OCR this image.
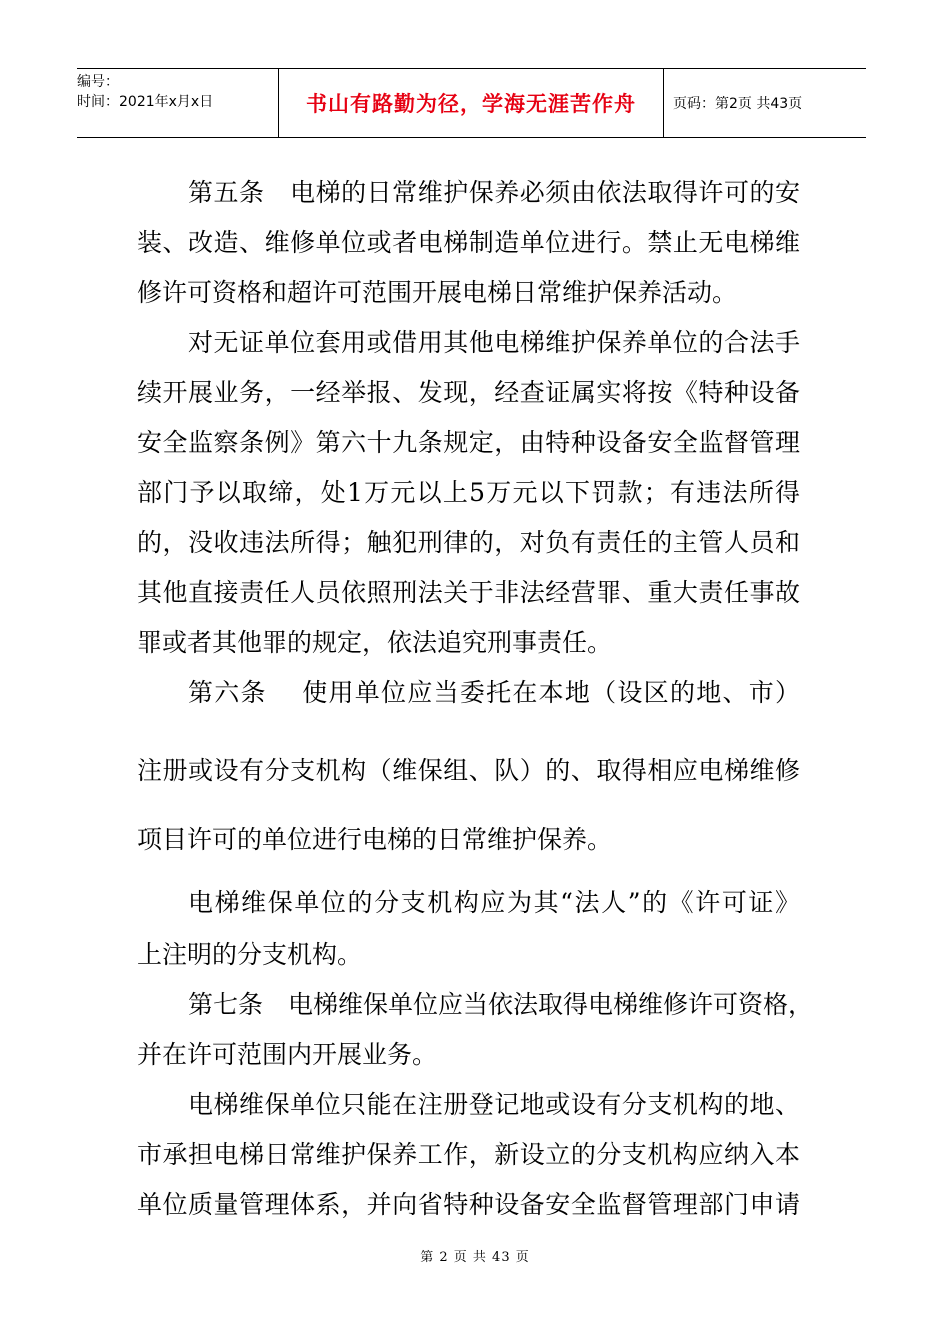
编号：
时间：2021年x月x日	书山有路勤为径，学海无涯苦作舟	页码：第2页 共43页
第五条　电梯的日常维护保养必须由依法取得许可的安
装、改造、维修单位或者电梯制造单位进行。禁止无电梯维
修许可资格和超许可范围开展电梯日常维护保养活动。
对无证单位套用或借用其他电梯维护保养单位的合法手
续开展业务，一经举报、发现，经查证属实将按《特种设备
安全监察条例》第六十九条规定，由特种设备安全监督管理
部门予以取缔，处1万元以上5万元以下罚款；有违法所得
的，没收违法所得；触犯刑律的，对负有责任的主管人员和
其他直接责任人员依照刑法关于非法经营罪、重大责任事故
罪或者其他罪的规定，依法追究刑事责任。
第六条　 使用单位应当委托在本地（设区的地、市）
注册或设有分支机构（维保组、队）的、取得相应电梯维修
项目许可的单位进行电梯的日常维护保养。
电梯维保单位的分支机构应为其“法人”的《许可证》
上注明的分支机构。
第七条　电梯维保单位应当依法取得电梯维修许可资格，
并在许可范围内开展业务。
电梯维保单位只能在注册登记地或设有分支机构的地、
市承担电梯日常维护保养工作，新设立的分支机构应纳入本
单位质量管理体系，并向省特种设备安全监督管理部门申请
第 2 页 共 43 页
